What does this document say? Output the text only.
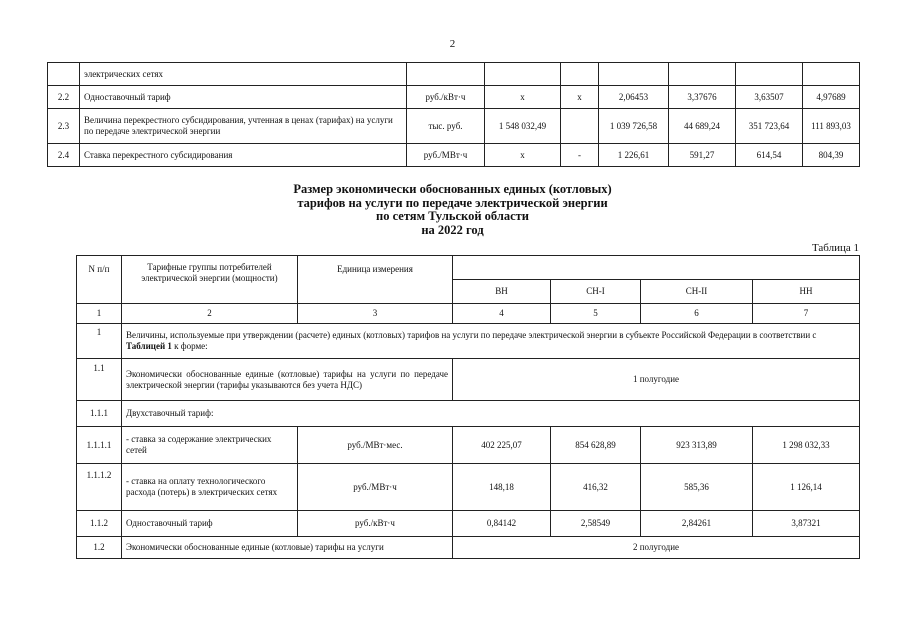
2
	электрических сетях							
2.2	Одноставочный тариф	руб./кВт·ч	х	х	2,06453	3,37676	3,63507	4,97689
2.3	Величина перекрестного субсидирования, учтенная в ценах (тарифах) на услуги по передаче электрической энергии	тыс. руб.	1 548 032,49		1 039 726,58	44 689,24	351 723,64	111 893,03
2.4	Ставка перекрестного субсидирования	руб./МВт·ч	х	-	1 226,61	591,27	614,54	804,39
Размер экономически обоснованных единых (котловых)
тарифов на услуги по передаче электрической энергии
по сетям Тульской области
на 2022 год
Таблица 1
N п/п	Тарифные группы потребителей электрической энергии (мощности)	Единица измерения				
			ВН	СН-I	СН-II	НН
1	2	3	4	5	6	7
1	Величины, используемые при утверждении (расчете) единых (котловых) тарифов на услуги по передаче электрической энергии в субъекте Российской Федерации в соответствии с Таблицей 1 к форме:					
1.1	Экономически обоснованные единые (котловые) тарифы на услуги по передаче электрической энергии (тарифы указываются без учета НДС)		1 полугодие			
1.1.1	Двухставочный тариф:					
1.1.1.1	- ставка за содержание электрических сетей	руб./МВт·мес.	402 225,07	854 628,89	923 313,89	1 298 032,33
1.1.1.2	- ставка на оплату технологического расхода (потерь) в электрических сетях	руб./МВт·ч	148,18	416,32	585,36	1 126,14
1.1.2	Одноставочный тариф	руб./кВт·ч	0,84142	2,58549	2,84261	3,87321
1.2	Экономически обоснованные единые (котловые) тарифы на услуги		2 полугодие			
